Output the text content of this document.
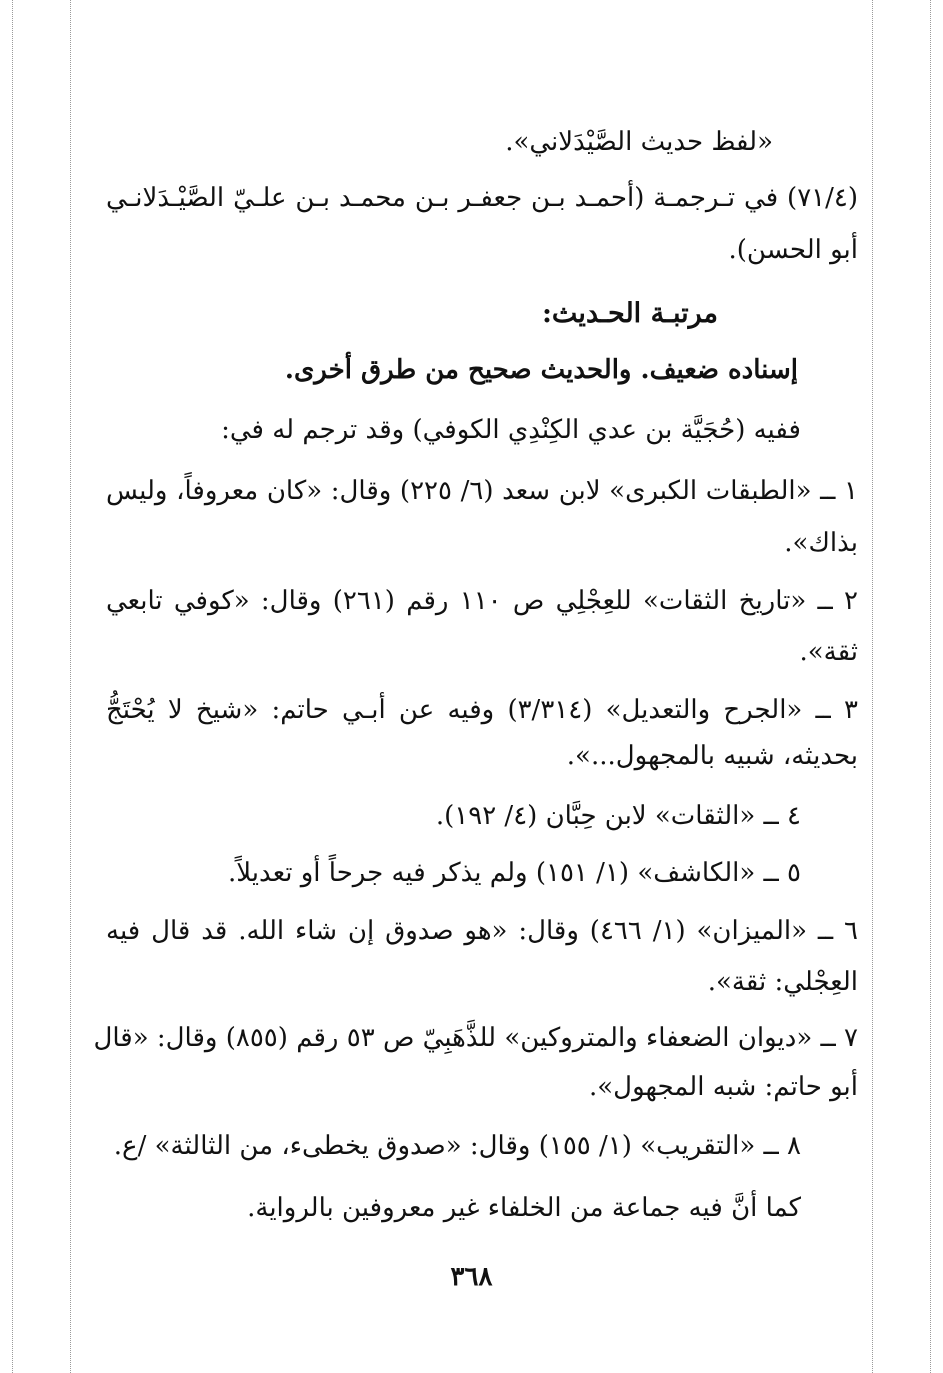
«لفظ حديث الصَّيْدَلاني».
(٧١/٤) في تـرجمـة (أحمـد بـن جعفـر بـن محمـد بـن علـيّ الصَّيْـدَلانـي
أبو الحسن).
مرتبـة الحـديث:
إسناده ضعيف. والحديث صحيح من طرق أخرى.
ففيه (حُجَيَّة بن عدي الكِنْدِي الكوفي) وقد ترجم له في:
١ ــ «الطبقات الكبرى» لابن سعد (٦/ ٢٢٥) وقال: «كان معروفاً، وليس
بذاك».
٢ ــ «تاريخ الثقات» للعِجْلِي ص ١١٠ رقم (٢٦١) وقال: «كوفي تابعي
ثقة».
٣ ــ «الجرح والتعديل» (٣/٣١٤) وفيه عن أبـي حاتم: «شيخ لا يُحْتَجُّ
بحديثه، شبيه بالمجهول...».
٤ ــ «الثقات» لابن حِبَّان (٤/ ١٩٢).
٥ ــ «الكاشف» (١/ ١٥١) ولم يذكر فيه جرحاً أو تعديلاً.
٦ ــ «الميزان» (١/ ٤٦٦) وقال: «هو صدوق إن شاء الله. قد قال فيه
العِجْلي: ثقة».
٧ ــ «ديوان الضعفاء والمتروكين» للذَّهَبِيّ ص ٥٣ رقم (٨٥٥) وقال: «قال
أبو حاتم: شبه المجهول».
٨ ــ «التقريب» (١/ ١٥٥) وقال: «صدوق يخطىء، من الثالثة» /ع.
كما أنَّ فيه جماعة من الخلفاء غير معروفين بالرواية.
٣٦٨
